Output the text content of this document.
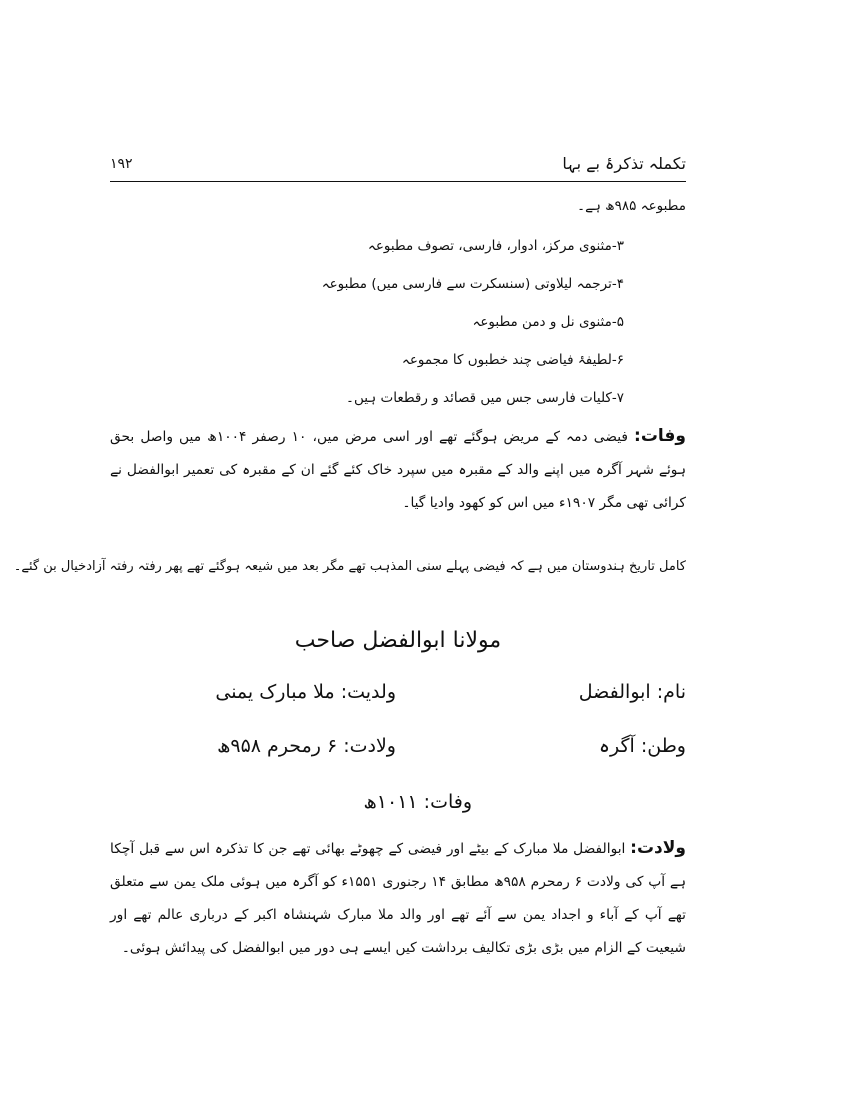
تکملہ تذکرۂ بے بہا
۱۹۲
مطبوعہ ۹۸۵ھ ہے۔
۳-مثنوی مرکز، ادوار، فارسی، تصوف مطبوعہ
۴-ترجمہ لیلاوتی (سنسکرت سے فارسی میں) مطبوعہ
۵-مثنوی نل و دمن مطبوعہ
۶-لطیفۂ فیاضی چند خطبوں کا مجموعہ
۷-کلیات فارسی جس میں قصائد و رقطعات ہیں۔
وفات: فیضی دمہ کے مریض ہوگئے تھے اور اسی مرض میں، ۱۰ رصفر ۱۰۰۴ھ میں واصل بحق ہوئے شہر آگرہ میں اپنے والد کے مقبرہ میں سپرد خاک کئے گئے ان کے مقبرہ کی تعمیر ابوالفضل نے کرائی تھی مگر ۱۹۰۷ء میں اس کو کھود وادیا گیا۔
کامل تاریخ ہندوستان میں ہے کہ فیضی پہلے سنی المذہب تھے مگر بعد میں شیعہ ہوگئے تھے پھر رفتہ رفتہ آزادخیال بن گئے۔
مولانا ابوالفضل صاحب
نام: ابوالفضل
ولدیت: ملا مبارک یمنی
وطن: آگرہ
ولادت: ۶ رمحرم ۹۵۸ھ
وفات: ۱۰۱۱ھ
ولادت: ابوالفضل ملا مبارک کے بیٹے اور فیضی کے چھوٹے بھائی تھے جن کا تذکرہ اس سے قبل آچکا ہے آپ کی ولادت ۶ رمحرم ۹۵۸ھ مطابق ۱۴ رجنوری ۱۵۵۱ء کو آگرہ میں ہوئی ملک یمن سے متعلق تھے آپ کے آباء و اجداد یمن سے آئے تھے اور والد ملا مبارک شہنشاہ اکبر کے درباری عالم تھے اور شیعیت کے الزام میں بڑی بڑی تکالیف برداشت کیں ایسے ہی دور میں ابوالفضل کی پیدائش ہوئی۔
